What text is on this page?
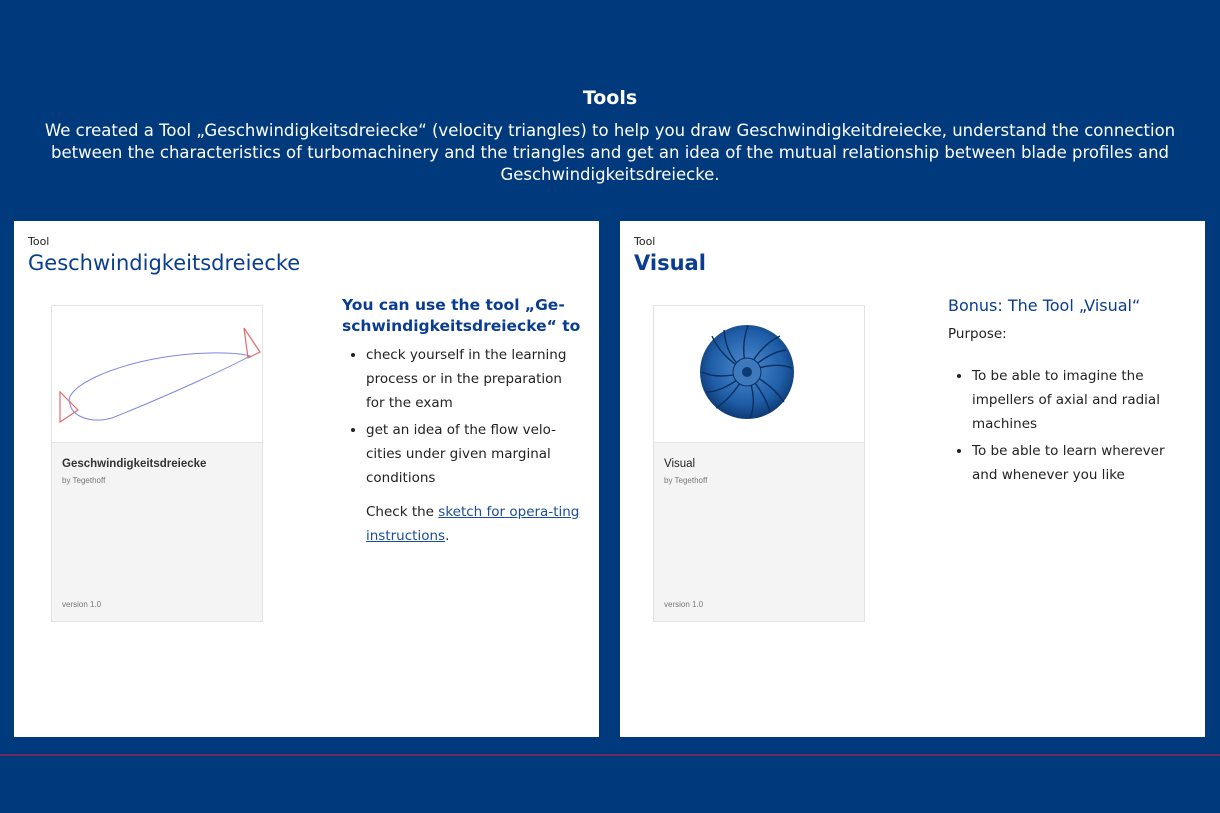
Tools

We created a Tool „Geschwindigkeitsdreiecke“ (velocity triangles) to help you draw Geschwindigkeitdreiecke, understand the connection between the characteristics of turbomachinery and the triangles and get an idea of the mutual relationship between blade profiles and Geschwindigkeitsdreiecke.

Tool
Geschwindigkeitsdreiecke
Geschwindigkeitsdreiecke
by Tegethoff
version 1.0
You can use the tool „Ge-schwindigkeitsdreiecke“ to
• check yourself in the learning process or in the preparation for the exam
• get an idea of the flow velo-cities under given marginal conditions
Check the sketch for opera-ting instructions.
Tool
Visual
Visual
by Tegethoff
version 1.0
Bonus: The Tool „Visual“
Purpose:
• To be able to imagine the impellers of axial and radial machines
• To be able to learn wherever and whenever you like
